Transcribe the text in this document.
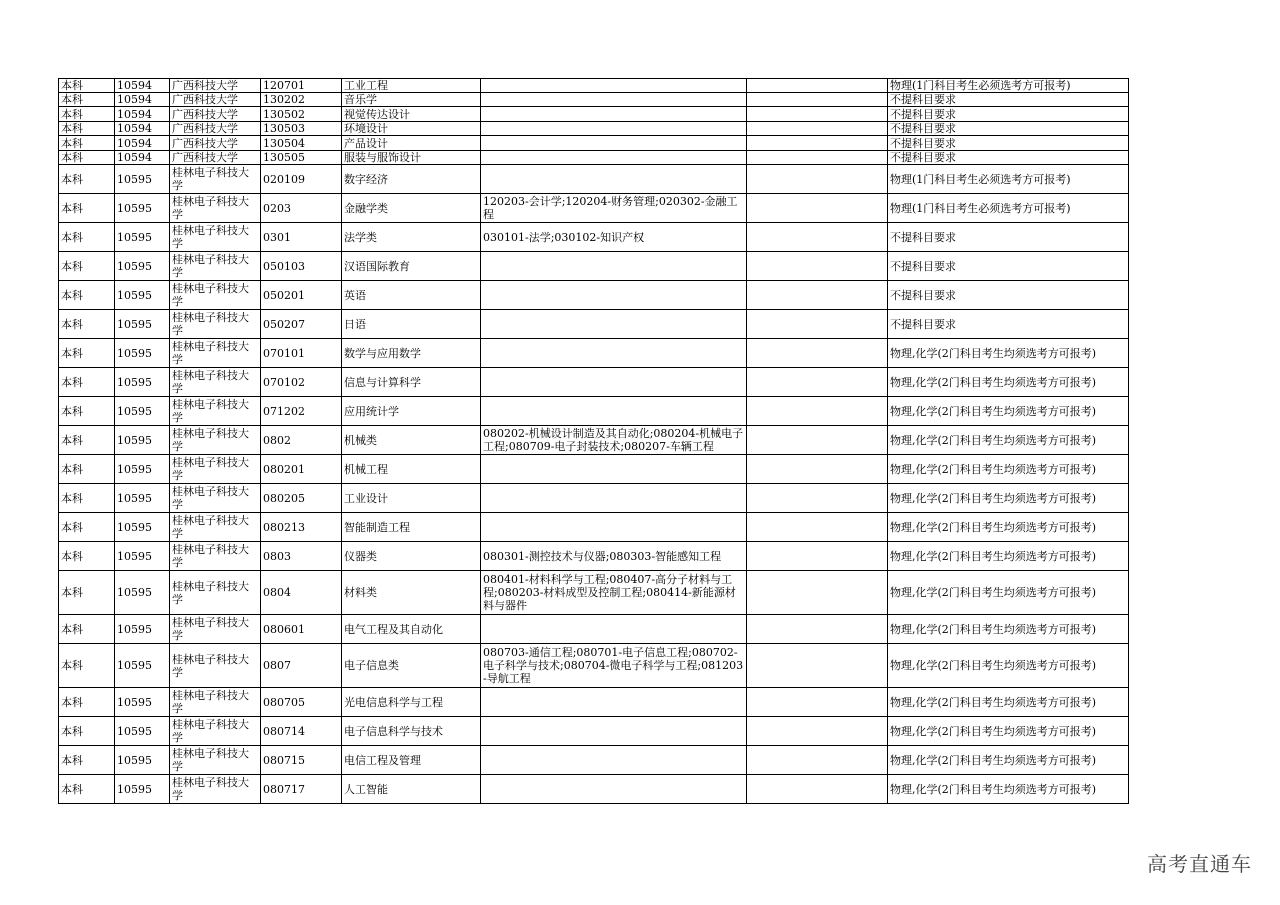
本科	10594	广西科技大学	120701	工业工程			物理(1门科目考生必须选考方可报考)
本科	10594	广西科技大学	130202	音乐学			不提科目要求
本科	10594	广西科技大学	130502	视觉传达设计			不提科目要求
本科	10594	广西科技大学	130503	环境设计			不提科目要求
本科	10594	广西科技大学	130504	产品设计			不提科目要求
本科	10594	广西科技大学	130505	服装与服饰设计			不提科目要求
本科	10595	桂林电子科技大学	020109	数字经济			物理(1门科目考生必须选考方可报考)
本科	10595	桂林电子科技大学	0203	金融学类	120203-会计学;120204-财务管理;020302-金融工程		物理(1门科目考生必须选考方可报考)
本科	10595	桂林电子科技大学	0301	法学类	030101-法学;030102-知识产权		不提科目要求
本科	10595	桂林电子科技大学	050103	汉语国际教育			不提科目要求
本科	10595	桂林电子科技大学	050201	英语			不提科目要求
本科	10595	桂林电子科技大学	050207	日语			不提科目要求
本科	10595	桂林电子科技大学	070101	数学与应用数学			物理,化学(2门科目考生均须选考方可报考)
本科	10595	桂林电子科技大学	070102	信息与计算科学			物理,化学(2门科目考生均须选考方可报考)
本科	10595	桂林电子科技大学	071202	应用统计学			物理,化学(2门科目考生均须选考方可报考)
本科	10595	桂林电子科技大学	0802	机械类	080202-机械设计制造及其自动化;080204-机械电子工程;080709-电子封装技术;080207-车辆工程		物理,化学(2门科目考生均须选考方可报考)
本科	10595	桂林电子科技大学	080201	机械工程			物理,化学(2门科目考生均须选考方可报考)
本科	10595	桂林电子科技大学	080205	工业设计			物理,化学(2门科目考生均须选考方可报考)
本科	10595	桂林电子科技大学	080213	智能制造工程			物理,化学(2门科目考生均须选考方可报考)
本科	10595	桂林电子科技大学	0803	仪器类	080301-测控技术与仪器;080303-智能感知工程		物理,化学(2门科目考生均须选考方可报考)
本科	10595	桂林电子科技大学	0804	材料类	080401-材料科学与工程;080407-高分子材料与工程;080203-材料成型及控制工程;080414-新能源材料与器件		物理,化学(2门科目考生均须选考方可报考)
本科	10595	桂林电子科技大学	080601	电气工程及其自动化			物理,化学(2门科目考生均须选考方可报考)
本科	10595	桂林电子科技大学	0807	电子信息类	080703-通信工程;080701-电子信息工程;080702-电子科学与技术;080704-微电子科学与工程;081203-导航工程		物理,化学(2门科目考生均须选考方可报考)
本科	10595	桂林电子科技大学	080705	光电信息科学与工程			物理,化学(2门科目考生均须选考方可报考)
本科	10595	桂林电子科技大学	080714	电子信息科学与技术			物理,化学(2门科目考生均须选考方可报考)
本科	10595	桂林电子科技大学	080715	电信工程及管理			物理,化学(2门科目考生均须选考方可报考)
本科	10595	桂林电子科技大学	080717	人工智能			物理,化学(2门科目考生均须选考方可报考)
高考直通车
